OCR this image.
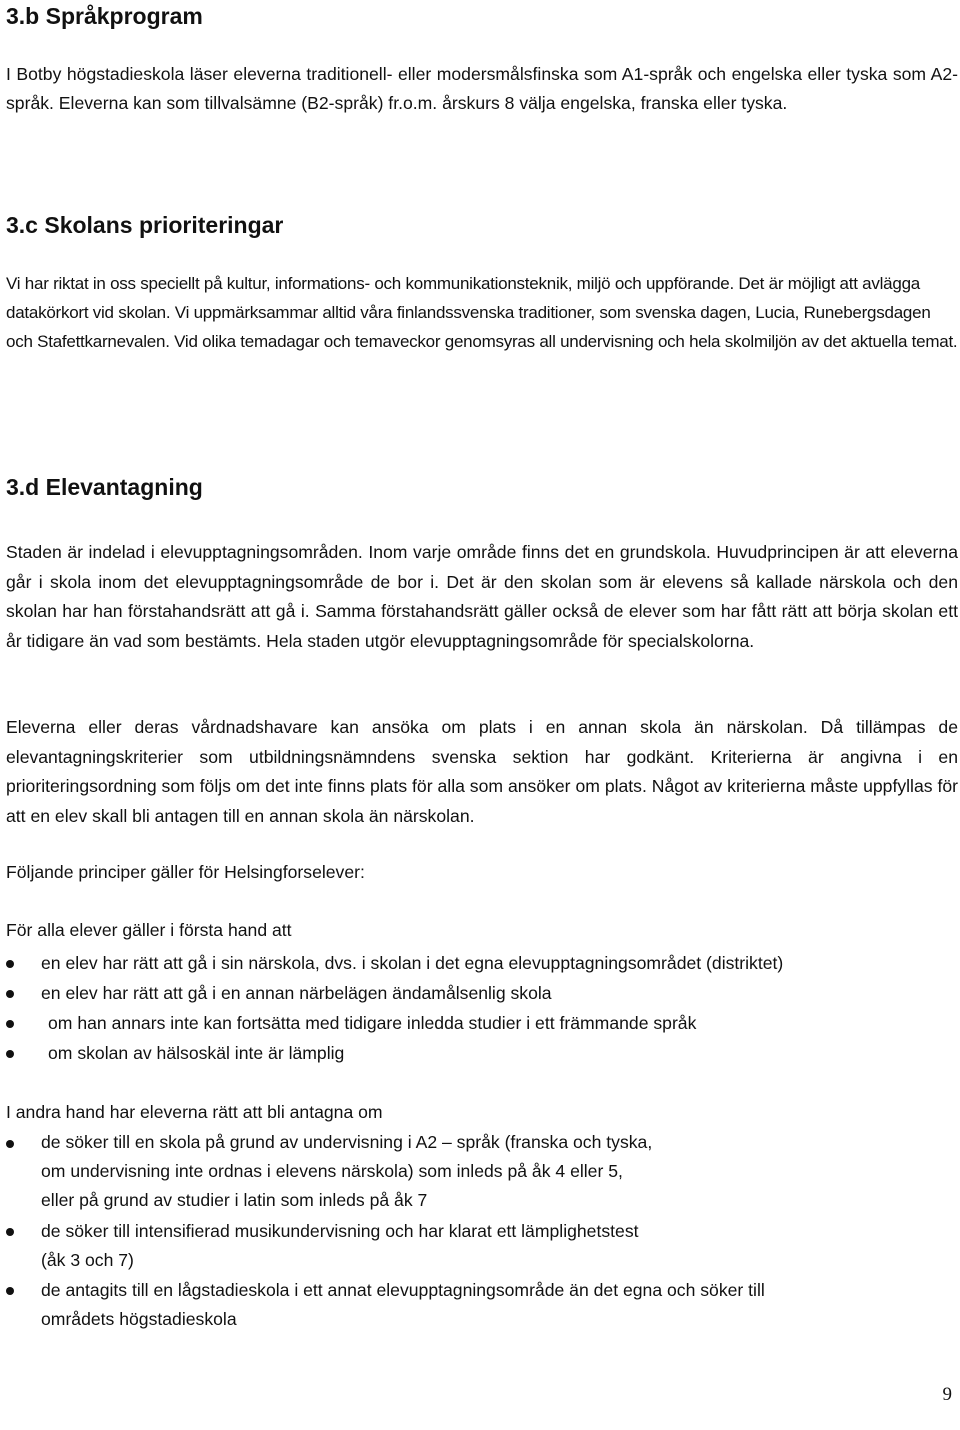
3.b Språkprogram

I Botby högstadieskola läser eleverna traditionell- eller modersmålsfinska som A1-språk och engelska eller tyska som A2-språk. Eleverna kan som tillvalsämne (B2-språk) fr.o.m. årskurs 8 välja engelska, franska eller tyska.

3.c Skolans prioriteringar

Vi har riktat in oss speciellt på kultur, informations- och kommunikationsteknik, miljö och uppförande. Det är möjligt att avlägga datakörkort vid skolan. Vi uppmärksammar alltid våra finlandssvenska traditioner, som svenska dagen, Lucia, Runebergsdagen och Stafettkarnevalen. Vid olika temadagar och temaveckor genomsyras all undervisning och hela skolmiljön av det aktuella temat.

3.d Elevantagning

Staden är indelad i elevupptagningsområden. Inom varje område finns det en grundskola. Huvudprincipen är att eleverna går i skola inom det elevupptagningsområde de bor i. Det är den skolan som är elevens så kallade närskola och den skolan har han förstahandsrätt att gå i. Samma förstahandsrätt gäller också de elever som har fått rätt att börja skolan ett år tidigare än vad som bestämts. Hela staden utgör elevupptagningsområde för specialskolorna.

Eleverna eller deras vårdnadshavare kan ansöka om plats i en annan skola än närskolan. Då tillämpas de elevantagningskriterier som utbildningsnämndens svenska sektion har godkänt. Kriterierna är angivna i en prioriteringsordning som följs om det inte finns plats för alla som ansöker om plats. Något av kriterierna måste uppfyllas för att en elev skall bli antagen till en annan skola än närskolan.

Följande principer gäller för Helsingforselever:
För alla elever gäller i första hand att
en elev har rätt att gå i sin närskola, dvs. i skolan i det egna elevupptagningsområdet (distriktet)
en elev har rätt att gå i en annan närbelägen ändamålsenlig skola
om han annars inte kan fortsätta med tidigare inledda studier i ett främmande språk
om skolan av hälsoskäl inte är lämplig
I andra hand har eleverna rätt att bli antagna om
de söker till en skola på grund av undervisning i A2 – språk (franska och tyska,
om undervisning inte ordnas i elevens närskola) som inleds på åk 4 eller 5,
eller på grund av studier i latin som inleds på åk 7
de söker till intensifierad musikundervisning och har klarat ett lämplighetstest
(åk 3 och 7)
de antagits till en lågstadieskola i ett annat elevupptagningsområde än det egna och söker till
områdets högstadieskola
9
